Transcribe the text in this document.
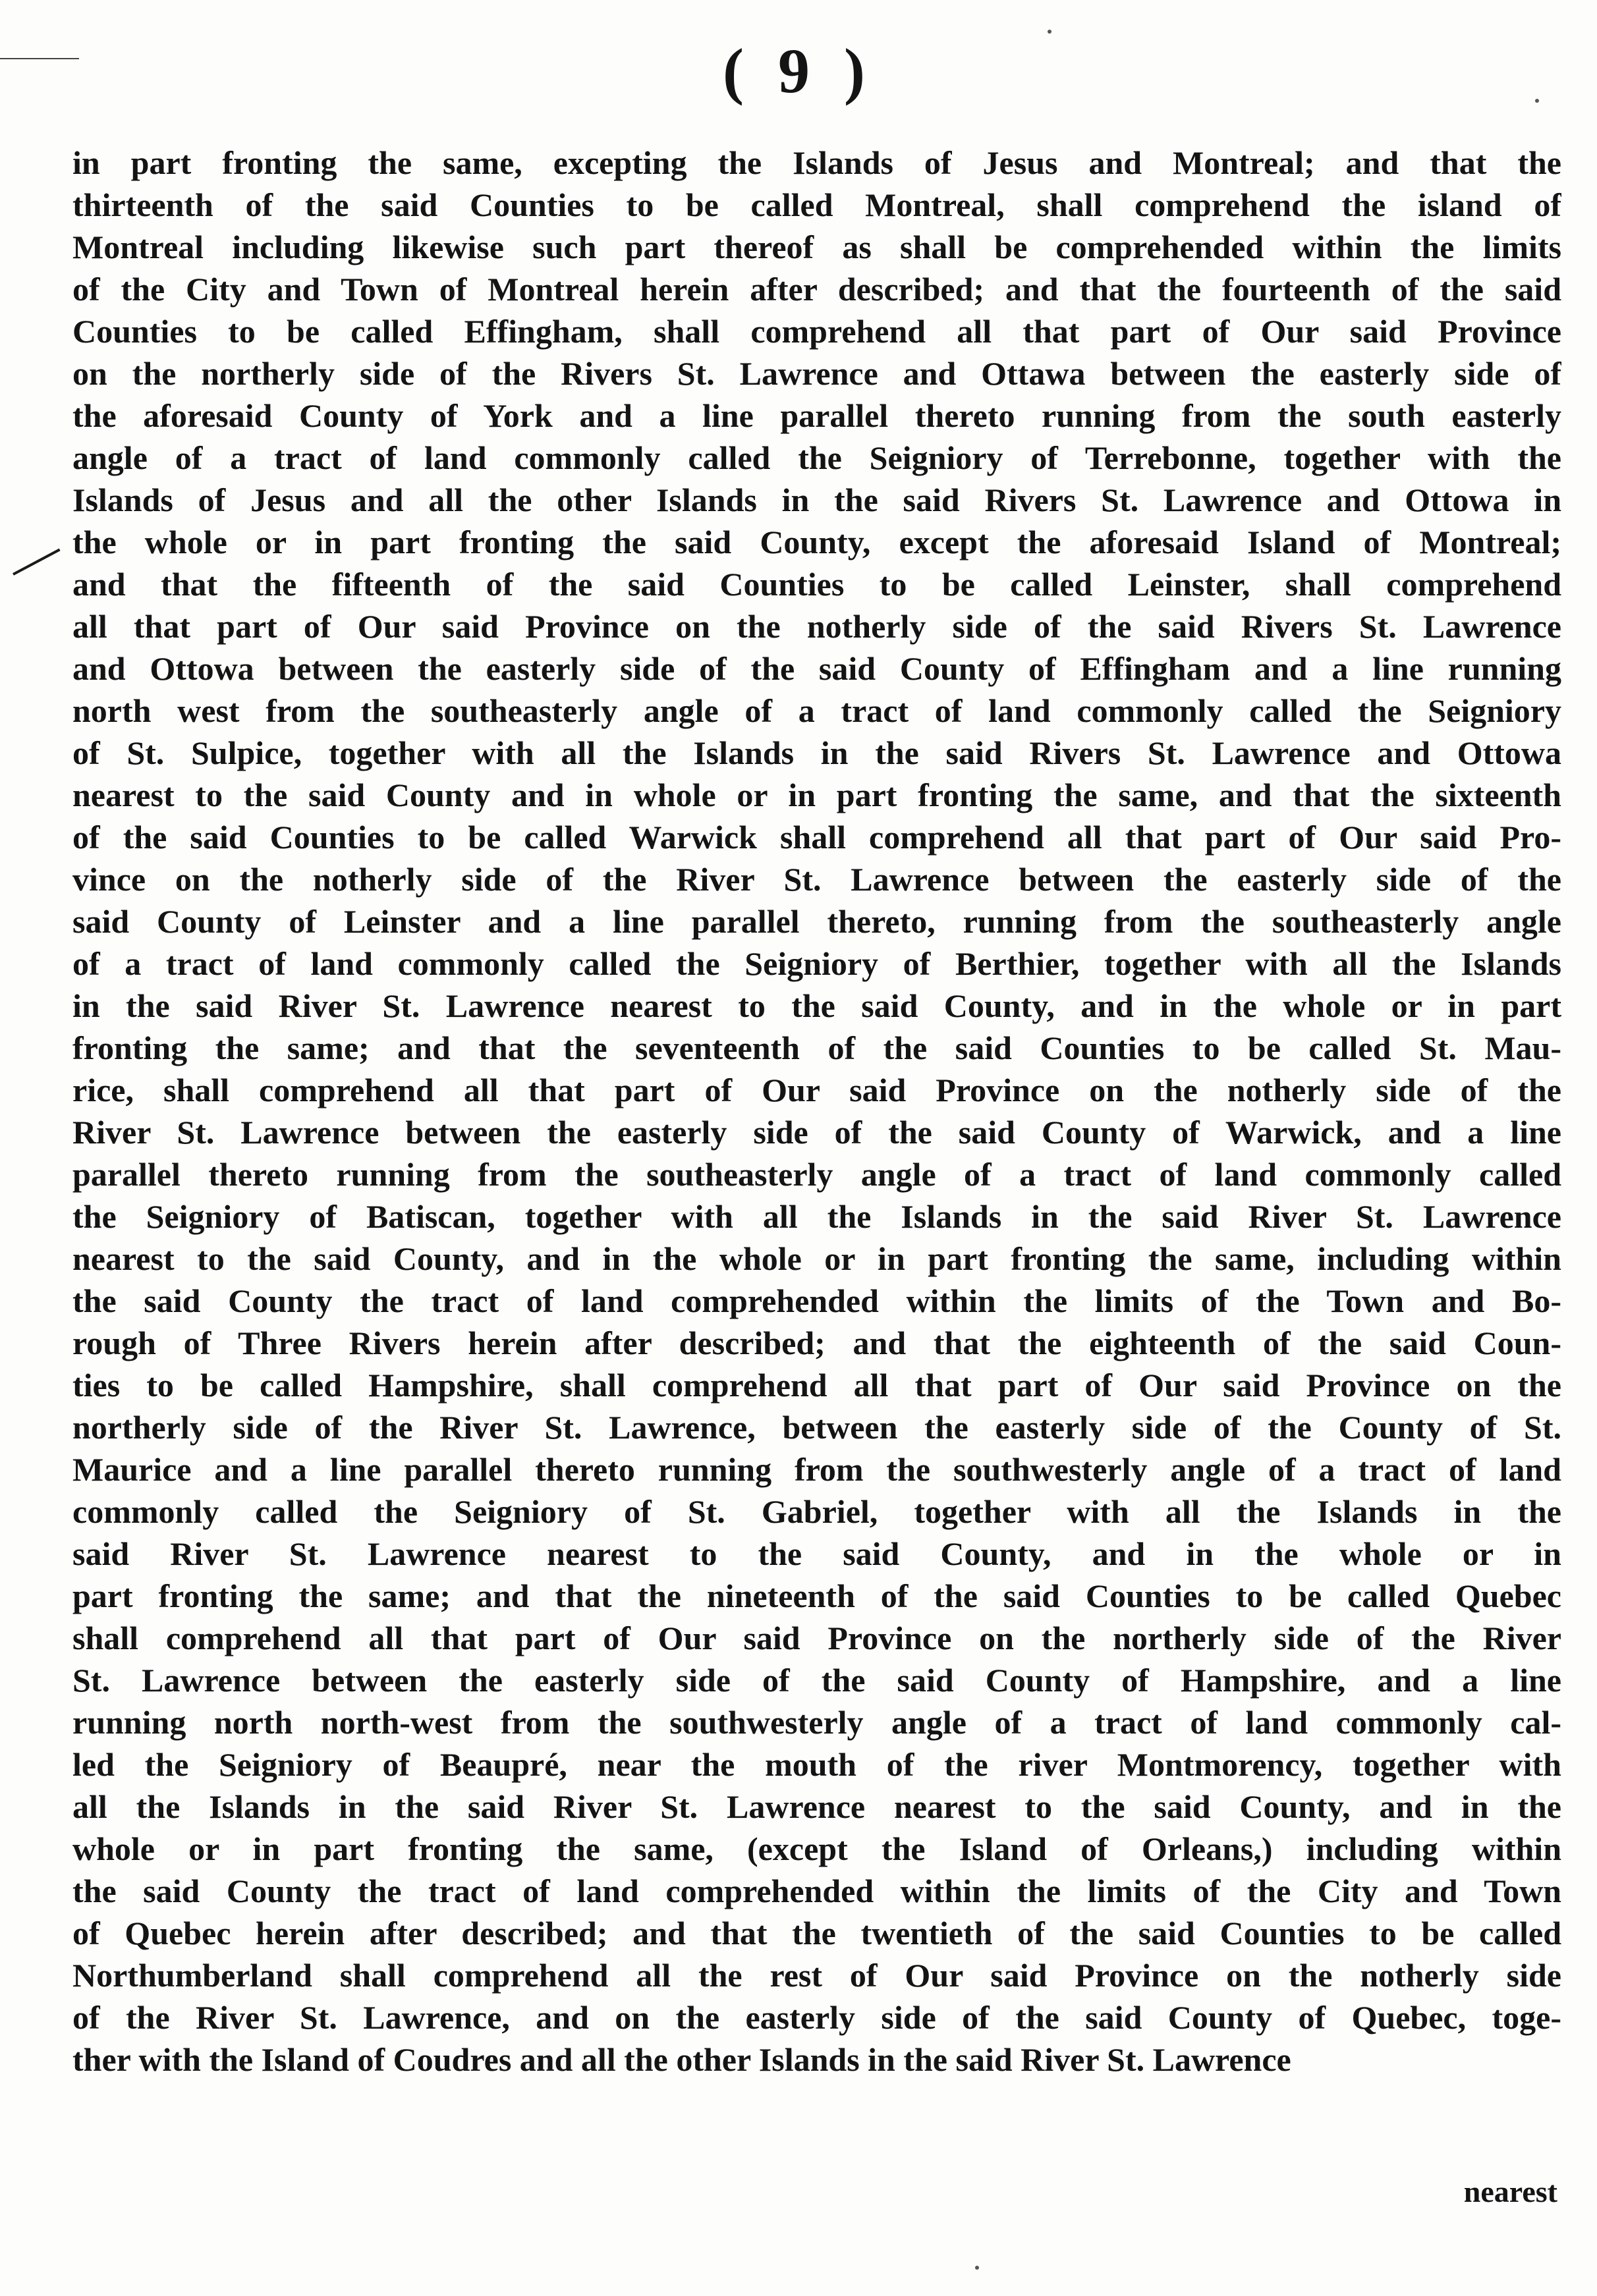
( 9 )
in part fronting the same, excepting the Islands of Jesus and Montreal; and that the
thirteenth of the said Counties to be called Montreal, shall comprehend the island of
Montreal including likewise such part thereof as shall be comprehended within the limits
of the City and Town of Montreal herein after described; and that the fourteenth of the said
Counties to be called Effingham, shall comprehend all that part of Our said Province
on the northerly side of the Rivers St. Lawrence and Ottawa between the easterly side of
the aforesaid County of York and a line parallel thereto running from the south easterly
angle of a tract of land commonly called the Seigniory of Terrebonne, together with the
Islands of Jesus and all the other Islands in the said Rivers St. Lawrence and Ottowa in
the whole or in part fronting the said County, except the aforesaid Island of Montreal;
and that the fifteenth of the said Counties to be called Leinster, shall comprehend
all that part of Our said Province on the notherly side of the said Rivers St. Lawrence
and Ottowa between the easterly side of the said County of Effingham and a line running
north west from the southeasterly angle of a tract of land commonly called the Seigniory
of St. Sulpice, together with all the Islands in the said Rivers St. Lawrence and Ottowa
nearest to the said County and in whole or in part fronting the same, and that the sixteenth
of the said Counties to be called Warwick shall comprehend all that part of Our said Pro-
vince on the notherly side of the River St. Lawrence between the easterly side of the
said County of Leinster and a line parallel thereto, running from the southeasterly angle
of a tract of land commonly called the Seigniory of Berthier, together with all the Islands
in the said River St. Lawrence nearest to the said County, and in the whole or in part
fronting the same; and that the seventeenth of the said Counties to be called St. Mau-
rice, shall comprehend all that part of Our said Province on the notherly side of the
River St. Lawrence between the easterly side of the said County of Warwick, and a line
parallel thereto running from the southeasterly angle of a tract of land commonly called
the Seigniory of Batiscan, together with all the Islands in the said River St. Lawrence
nearest to the said County, and in the whole or in part fronting the same, including within
the said County the tract of land comprehended within the limits of the Town and Bo-
rough of Three Rivers herein after described; and that the eighteenth of the said Coun-
ties to be called Hampshire, shall comprehend all that part of Our said Province on the
northerly side of the River St. Lawrence, between the easterly side of the County of St.
Maurice and a line parallel thereto running from the southwesterly angle of a tract of land
commonly called the Seigniory of St. Gabriel, together with all the Islands in the
said River St. Lawrence nearest to the said County, and in the whole or in
part fronting the same; and that the nineteenth of the said Counties to be called Quebec
shall comprehend all that part of Our said Province on the northerly side of the River
St. Lawrence between the easterly side of the said County of Hampshire, and a line
running north north-west from the southwesterly angle of a tract of land commonly cal-
led the Seigniory of Beaupré, near the mouth of the river Montmorency, together with
all the Islands in the said River St. Lawrence nearest to the said County, and in the
whole or in part fronting the same, (except the Island of Orleans,) including within
the said County the tract of land comprehended within the limits of the City and Town
of Quebec herein after described; and that the twentieth of the said Counties to be called
Northumberland shall comprehend all the rest of Our said Province on the notherly side
of the River St. Lawrence, and on the easterly side of the said County of Quebec, toge-
ther with the Island of Coudres and all the other Islands in the said River St. Lawrence
nearest
